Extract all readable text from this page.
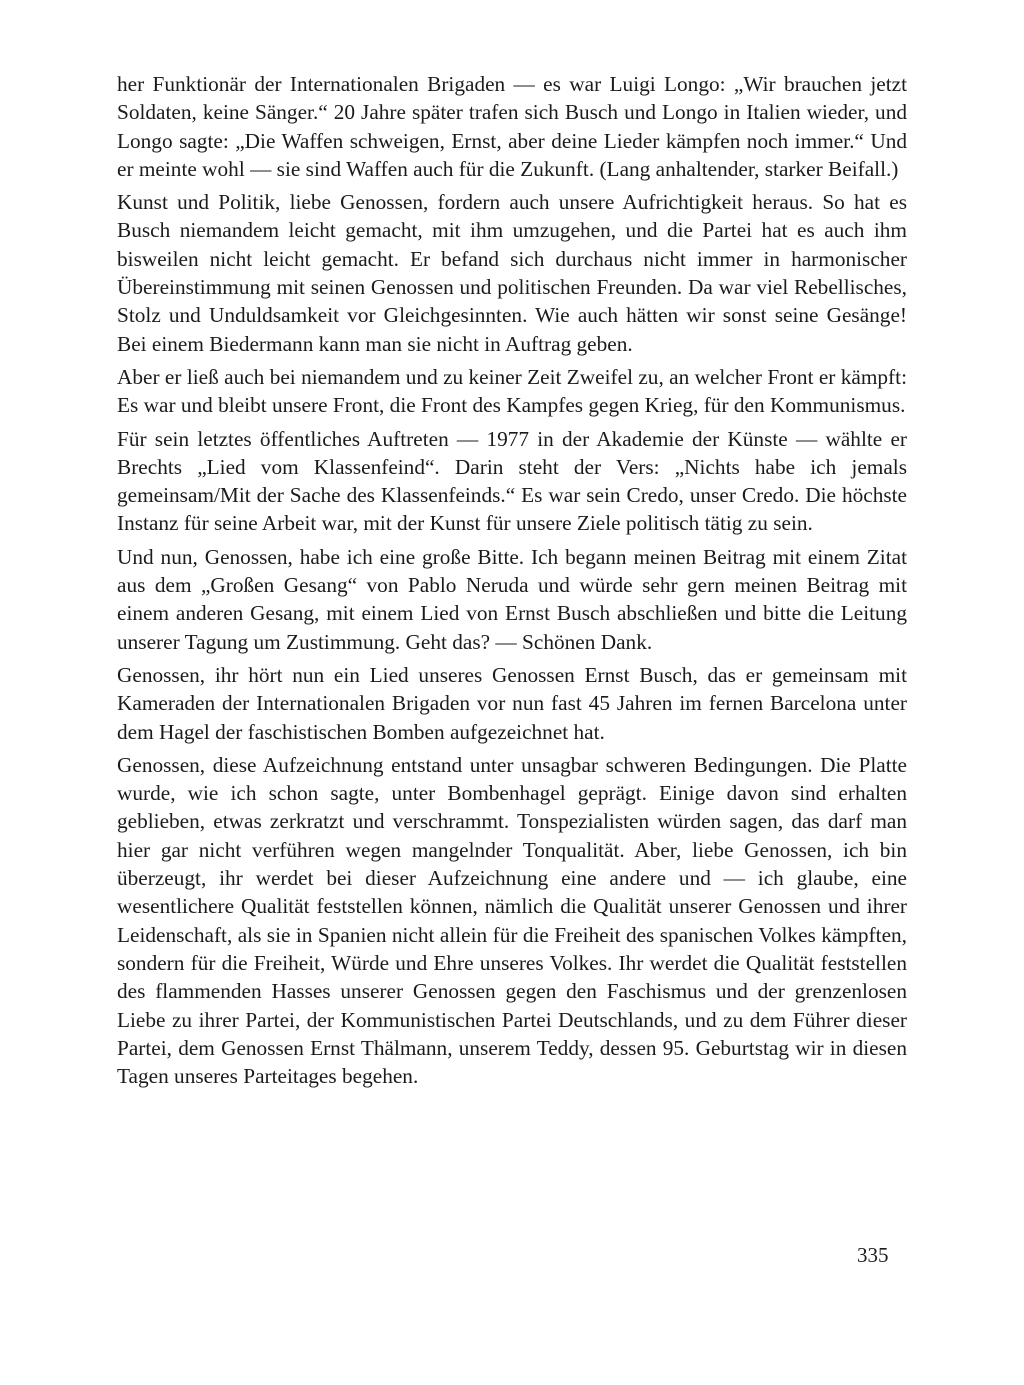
her Funktionär der Internationalen Brigaden — es war Luigi Longo: „Wir brauchen jetzt Soldaten, keine Sänger.“ 20 Jahre später trafen sich Busch und Longo in Italien wieder, und Longo sagte: „Die Waffen schweigen, Ernst, aber deine Lieder kämpfen noch immer.“ Und er meinte wohl — sie sind Waffen auch für die Zukunft. (Lang anhaltender, starker Beifall.)

Kunst und Politik, liebe Genossen, fordern auch unsere Aufrichtigkeit heraus. So hat es Busch niemandem leicht gemacht, mit ihm umzugehen, und die Partei hat es auch ihm bisweilen nicht leicht gemacht. Er befand sich durchaus nicht immer in harmonischer Übereinstimmung mit seinen Genossen und politischen Freunden. Da war viel Rebellisches, Stolz und Unduldsamkeit vor Gleichgesinnten. Wie auch hätten wir sonst seine Gesänge! Bei einem Biedermann kann man sie nicht in Auftrag geben.

Aber er ließ auch bei niemandem und zu keiner Zeit Zweifel zu, an welcher Front er kämpft: Es war und bleibt unsere Front, die Front des Kampfes gegen Krieg, für den Kommunismus.

Für sein letztes öffentliches Auftreten — 1977 in der Akademie der Künste — wählte er Brechts „Lied vom Klassenfeind“. Darin steht der Vers: „Nichts habe ich jemals gemeinsam/Mit der Sache des Klassenfeinds.“ Es war sein Credo, unser Credo. Die höchste Instanz für seine Arbeit war, mit der Kunst für unsere Ziele politisch tätig zu sein.

Und nun, Genossen, habe ich eine große Bitte. Ich begann meinen Beitrag mit einem Zitat aus dem „Großen Gesang“ von Pablo Neruda und würde sehr gern meinen Beitrag mit einem anderen Gesang, mit einem Lied von Ernst Busch abschließen und bitte die Leitung unserer Tagung um Zustimmung. Geht das? — Schönen Dank.

Genossen, ihr hört nun ein Lied unseres Genossen Ernst Busch, das er gemeinsam mit Kameraden der Internationalen Brigaden vor nun fast 45 Jahren im fernen Barcelona unter dem Hagel der faschistischen Bomben aufgezeichnet hat.

Genossen, diese Aufzeichnung entstand unter unsagbar schweren Bedingungen. Die Platte wurde, wie ich schon sagte, unter Bombenhagel geprägt. Einige davon sind erhalten geblieben, etwas zerkratzt und verschrammt. Tonspezialisten würden sagen, das darf man hier gar nicht verführen wegen mangelnder Tonqualität. Aber, liebe Genossen, ich bin überzeugt, ihr werdet bei dieser Aufzeichnung eine andere und — ich glaube, eine wesentlichere Qualität feststellen können, nämlich die Qualität unserer Genossen und ihrer Leidenschaft, als sie in Spanien nicht allein für die Freiheit des spanischen Volkes kämpften, sondern für die Freiheit, Würde und Ehre unseres Volkes. Ihr werdet die Qualität feststellen des flammenden Hasses unserer Genossen gegen den Faschismus und der grenzenlosen Liebe zu ihrer Partei, der Kommunistischen Partei Deutschlands, und zu dem Führer dieser Partei, dem Genossen Ernst Thälmann, unserem Teddy, dessen 95. Geburtstag wir in diesen Tagen unseres Parteitages begehen.

335
